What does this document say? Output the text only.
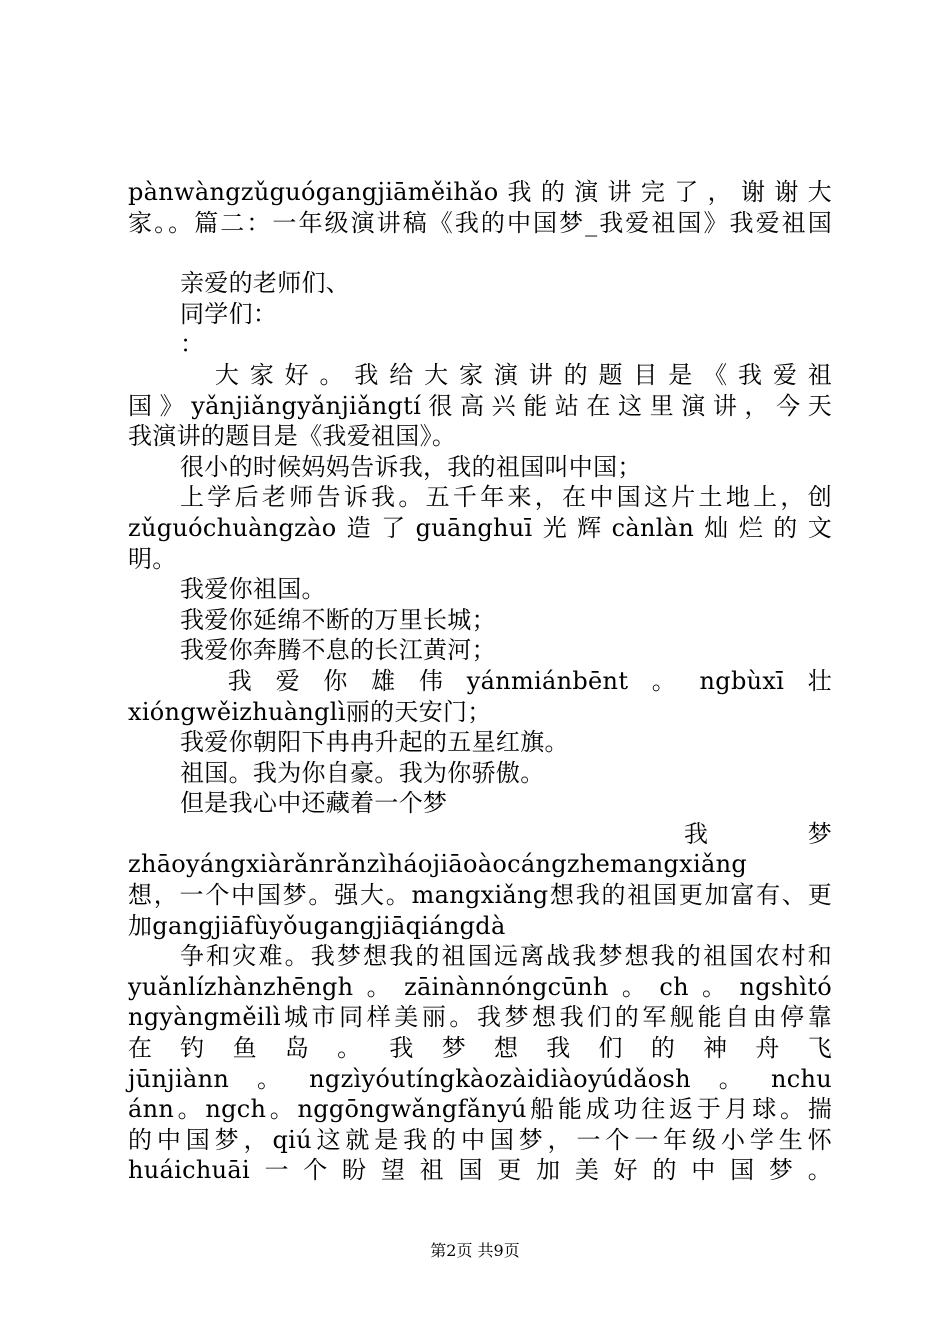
pànwàngzǔguógangjiāměihǎo我的演讲完了，谢谢大
家。。篇二：一年级演讲稿《我的中国梦_我爱祖国》我爱祖国
亲爱的老师们、
同学们：
：
　大家好。我给大家演讲的题目是《我爱祖
国》yǎnjiǎngyǎnjiǎngtí很高兴能站在这里演讲，今天
我演讲的题目是《我爱祖国》。
很小的时候妈妈告诉我，我的祖国叫中国；
上学后老师告诉我。五千年来，在中国这片土地上，创
zǔguóchuàngzào造了guānghuī光辉cànlàn灿烂的文
明。
我爱你祖国。
我爱你延绵不断的万里长城；
我爱你奔腾不息的长江黄河；
　我爱你雄伟yánmiánbēnt。ngbùxī壮
xióngwěizhuànglì丽的天安门；
我爱你朝阳下冉冉升起的五星红旗。
祖国。我为你自豪。我为你骄傲。
但是我心中还藏着一个梦
我　梦
zhāoyángxiàrǎnrǎnzìháojiāoàocángzhemangxiǎng
想，一个中国梦。强大。mangxiǎng想我的祖国更加富有、更
加gangjiāfùyǒugangjiāqiángdà
争和灾难。我梦想我的祖国远离战我梦想我的祖国农村和
yuǎnlízhànzhēngh。zāinànnóngcūnh。ch。ngshìtó
ngyàngměilì城市同样美丽。我梦想我们的军舰能自由停靠
在钓鱼岛。我梦想我们的神舟飞
jūnjiànn。ngzìyóutíngkàozàidiàoyúdǎosh。nchu
ánn。ngch。nggōngwǎngfǎnyú船能成功往返于月球。揣
的中国梦，qiú这就是我的中国梦，一个一年级小学生怀
huáichuāi一个盼望祖国更加美好的中国梦。
第2页 共9页
